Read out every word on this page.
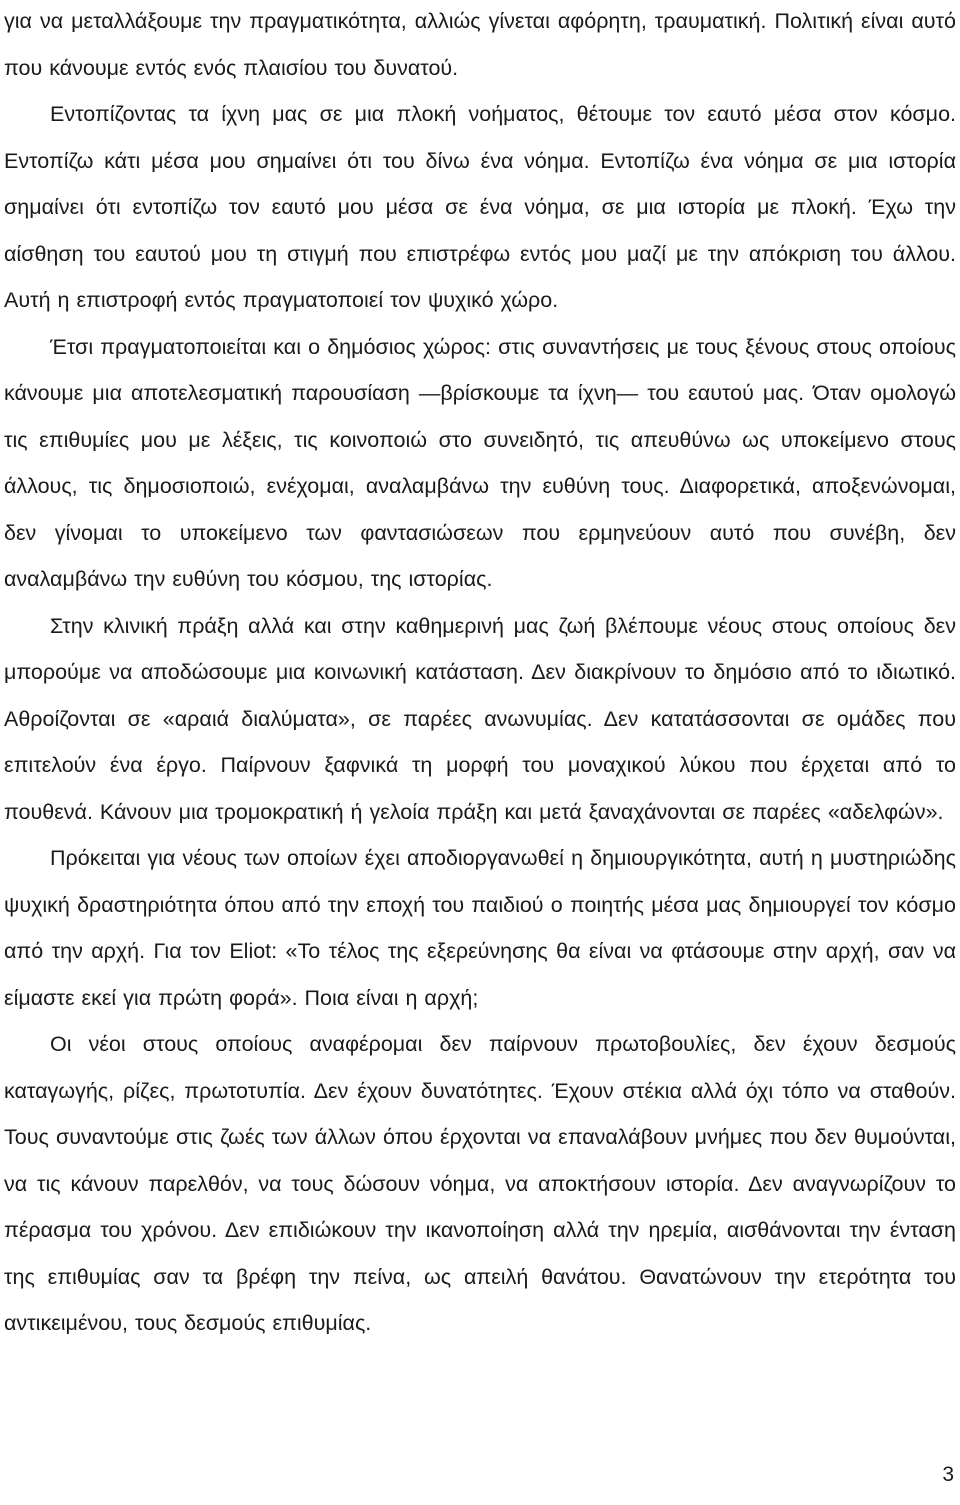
για να μεταλλάξουμε την πραγματικότητα, αλλιώς γίνεται αφόρητη, τραυματική. Πολιτική είναι αυτό που κάνουμε εντός ενός πλαισίου του δυνατού.

Εντοπίζοντας τα ίχνη μας σε μια πλοκή νοήματος, θέτουμε τον εαυτό μέσα στον κόσμο. Εντοπίζω κάτι μέσα μου σημαίνει ότι του δίνω ένα νόημα. Εντοπίζω ένα νόημα σε μια ιστορία σημαίνει ότι εντοπίζω τον εαυτό μου μέσα σε ένα νόημα, σε μια ιστορία με πλοκή. Έχω την αίσθηση του εαυτού μου τη στιγμή που επιστρέφω εντός μου μαζί με την απόκριση του άλλου. Αυτή η επιστροφή εντός πραγματοποιεί τον ψυχικό χώρο.

Έτσι πραγματοποιείται και ο δημόσιος χώρος: στις συναντήσεις με τους ξένους στους οποίους κάνουμε μια αποτελεσματική παρουσίαση —βρίσκουμε τα ίχνη— του εαυτού μας. Όταν ομολογώ τις επιθυμίες μου με λέξεις, τις κοινοποιώ στο συνειδητό, τις απευθύνω ως υποκείμενο στους άλλους, τις δημοσιοποιώ, ενέχομαι, αναλαμβάνω την ευθύνη τους. Διαφορετικά, αποξενώνομαι, δεν γίνομαι το υποκείμενο των φαντασιώσεων που ερμηνεύουν αυτό που συνέβη, δεν αναλαμβάνω την ευθύνη του κόσμου, της ιστορίας.

Στην κλινική πράξη αλλά και στην καθημερινή μας ζωή βλέπουμε νέους στους οποίους δεν μπορούμε να αποδώσουμε μια κοινωνική κατάσταση. Δεν διακρίνουν το δημόσιο από το ιδιωτικό. Αθροίζονται σε «αραιά διαλύματα», σε παρέες ανωνυμίας. Δεν κατατάσσονται σε ομάδες που επιτελούν ένα έργο. Παίρνουν ξαφνικά τη μορφή του μοναχικού λύκου που έρχεται από το πουθενά. Κάνουν μια τρομοκρατική ή γελοία πράξη και μετά ξαναχάνονται σε παρέες «αδελφών».

Πρόκειται για νέους των οποίων έχει αποδιοργανωθεί η δημιουργικότητα, αυτή η μυστηριώδης ψυχική δραστηριότητα όπου από την εποχή του παιδιού ο ποιητής μέσα μας δημιουργεί τον κόσμο από την αρχή. Για τον Eliot: «Το τέλος της εξερεύνησης θα είναι να φτάσουμε στην αρχή, σαν να είμαστε εκεί για πρώτη φορά». Ποια είναι η αρχή;

Οι νέοι στους οποίους αναφέρομαι δεν παίρνουν πρωτοβουλίες, δεν έχουν δεσμούς καταγωγής, ρίζες, πρωτοτυπία. Δεν έχουν δυνατότητες. Έχουν στέκια αλλά όχι τόπο να σταθούν. Τους συναντούμε στις ζωές των άλλων όπου έρχονται να επαναλάβουν μνήμες που δεν θυμούνται, να τις κάνουν παρελθόν, να τους δώσουν νόημα, να αποκτήσουν ιστορία. Δεν αναγνωρίζουν το πέρασμα του χρόνου. Δεν επιδιώκουν την ικανοποίηση αλλά την ηρεμία, αισθάνονται την ένταση της επιθυμίας σαν τα βρέφη την πείνα, ως απειλή θανάτου. Θανατώνουν την ετερότητα του αντικειμένου, τους δεσμούς επιθυμίας.

3
